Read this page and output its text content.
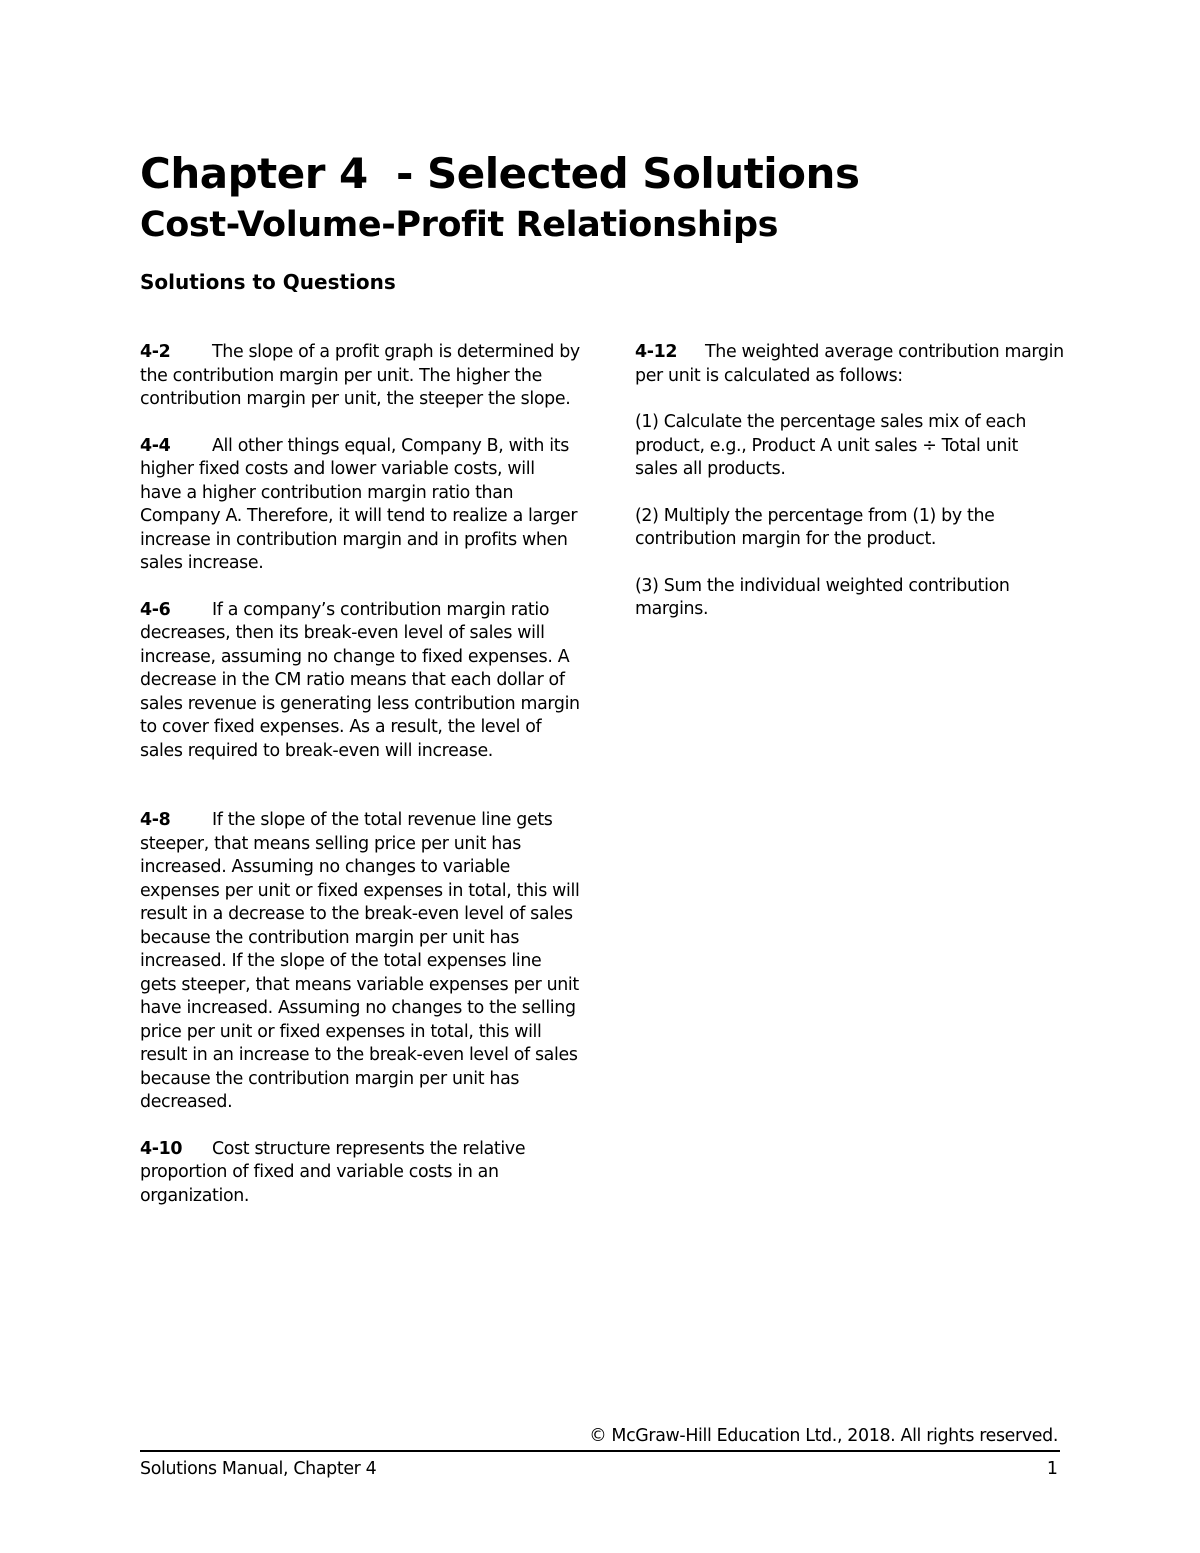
Chapter 4  - Selected Solutions
Cost-Volume-Profit Relationships
Solutions to Questions

4-2 The slope of a profit graph is determined by the contribution margin per unit. The higher the contribution margin per unit, the steeper the slope.

4-4 All other things equal, Company B, with its higher fixed costs and lower variable costs, will have a higher contribution margin ratio than Company A. Therefore, it will tend to realize a larger increase in contribution margin and in profits when sales increase.

4-6 If a company’s contribution margin ratio decreases, then its break-even level of sales will increase, assuming no change to fixed expenses. A decrease in the CM ratio means that each dollar of sales revenue is generating less contribution margin to cover fixed expenses. As a result, the level of sales required to break-even will increase.

4-8 If the slope of the total revenue line gets steeper, that means selling price per unit has increased. Assuming no changes to variable expenses per unit or fixed expenses in total, this will result in a decrease to the break-even level of sales because the contribution margin per unit has increased. If the slope of the total expenses line gets steeper, that means variable expenses per unit have increased. Assuming no changes to the selling price per unit or fixed expenses in total, this will result in an increase to the break-even level of sales because the contribution margin per unit has decreased.

4-10 Cost structure represents the relative proportion of fixed and variable costs in an organization.

4-12 The weighted average contribution margin per unit is calculated as follows:

(1) Calculate the percentage sales mix of each product, e.g., Product A unit sales ÷ Total unit sales all products.

(2) Multiply the percentage from (1) by the contribution margin for the product.

(3) Sum the individual weighted contribution margins.

© McGraw-Hill Education Ltd., 2018. All rights reserved.
Solutions Manual, Chapter 4	1
